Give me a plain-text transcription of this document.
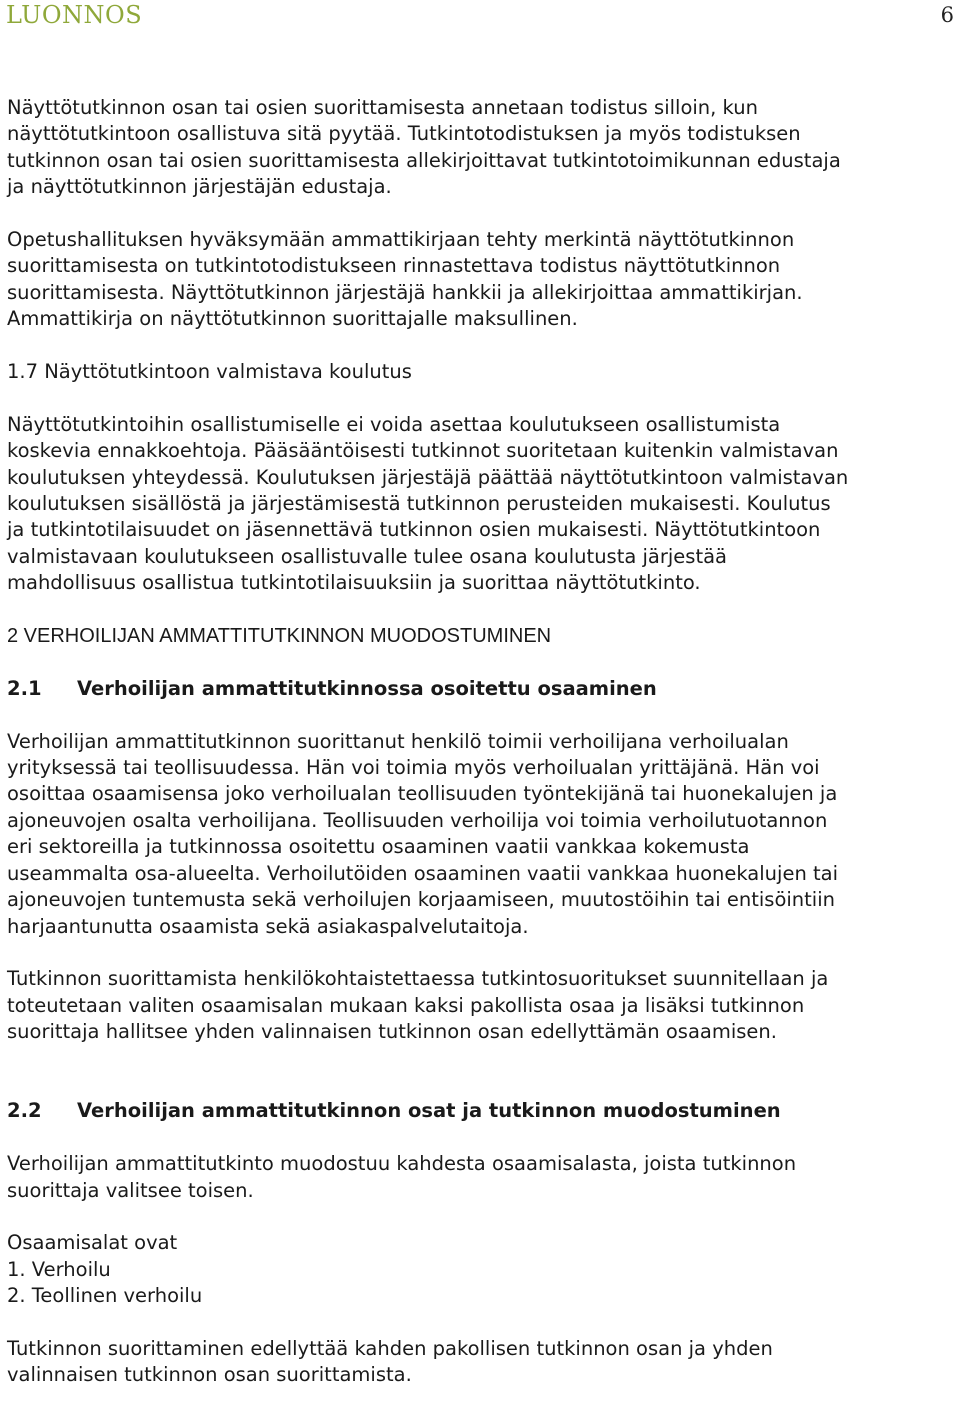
LUONNOS	6
Näyttötutkinnon osan tai osien suorittamisesta annetaan todistus silloin, kun
näyttötutkintoon osallistuva sitä pyytää. Tutkintotodistuksen ja myös todistuksen
tutkinnon osan tai osien suorittamisesta allekirjoittavat tutkintotoimikunnan edustaja
ja näyttötutkinnon järjestäjän edustaja.
Opetushallituksen hyväksymään ammattikirjaan tehty merkintä näyttötutkinnon
suorittamisesta on tutkintotodistukseen rinnastettava todistus näyttötutkinnon
suorittamisesta. Näyttötutkinnon järjestäjä hankkii ja allekirjoittaa ammattikirjan.
Ammattikirja on näyttötutkinnon suorittajalle maksullinen.
1.7 Näyttötutkintoon valmistava koulutus
Näyttötutkintoihin osallistumiselle ei voida asettaa koulutukseen osallistumista
koskevia ennakkoehtoja. Pääsääntöisesti tutkinnot suoritetaan kuitenkin valmistavan
koulutuksen yhteydessä. Koulutuksen järjestäjä päättää näyttötutkintoon valmistavan
koulutuksen sisällöstä ja järjestämisestä tutkinnon perusteiden mukaisesti. Koulutus
ja tutkintotilaisuudet on jäsennettävä tutkinnon osien mukaisesti. Näyttötutkintoon
valmistavaan koulutukseen osallistuvalle tulee osana koulutusta järjestää
mahdollisuus osallistua tutkintotilaisuuksiin ja suorittaa näyttötutkinto.
2 VERHOILIJAN AMMATTITUTKINNON MUODOSTUMINEN
2.1 Verhoilijan ammattitutkinnossa osoitettu osaaminen
Verhoilijan ammattitutkinnon suorittanut henkilö toimii verhoilijana verhoilualan
yrityksessä tai teollisuudessa. Hän voi toimia myös verhoilualan yrittäjänä. Hän voi
osoittaa osaamisensa joko verhoilualan teollisuuden työntekijänä tai huonekalujen ja
ajoneuvojen osalta verhoilijana. Teollisuuden verhoilija voi toimia verhoilutuotannon
eri sektoreilla ja tutkinnossa osoitettu osaaminen vaatii vankkaa kokemusta
useammalta osa-alueelta. Verhoilutöiden osaaminen vaatii vankkaa huonekalujen tai
ajoneuvojen tuntemusta sekä verhoilujen korjaamiseen, muutostöihin tai entisöintiin
harjaantunutta osaamista sekä asiakaspalvelutaitoja.
Tutkinnon suorittamista henkilökohtaistettaessa tutkintosuoritukset suunnitellaan ja
toteutetaan valiten osaamisalan mukaan kaksi pakollista osaa ja lisäksi tutkinnon
suorittaja hallitsee yhden valinnaisen tutkinnon osan edellyttämän osaamisen.
2.2 Verhoilijan ammattitutkinnon osat ja tutkinnon muodostuminen
Verhoilijan ammattitutkinto muodostuu kahdesta osaamisalasta, joista tutkinnon
suorittaja valitsee toisen.
Osaamisalat ovat
1. Verhoilu
2. Teollinen verhoilu
Tutkinnon suorittaminen edellyttää kahden pakollisen tutkinnon osan ja yhden
valinnaisen tutkinnon osan suorittamista.
